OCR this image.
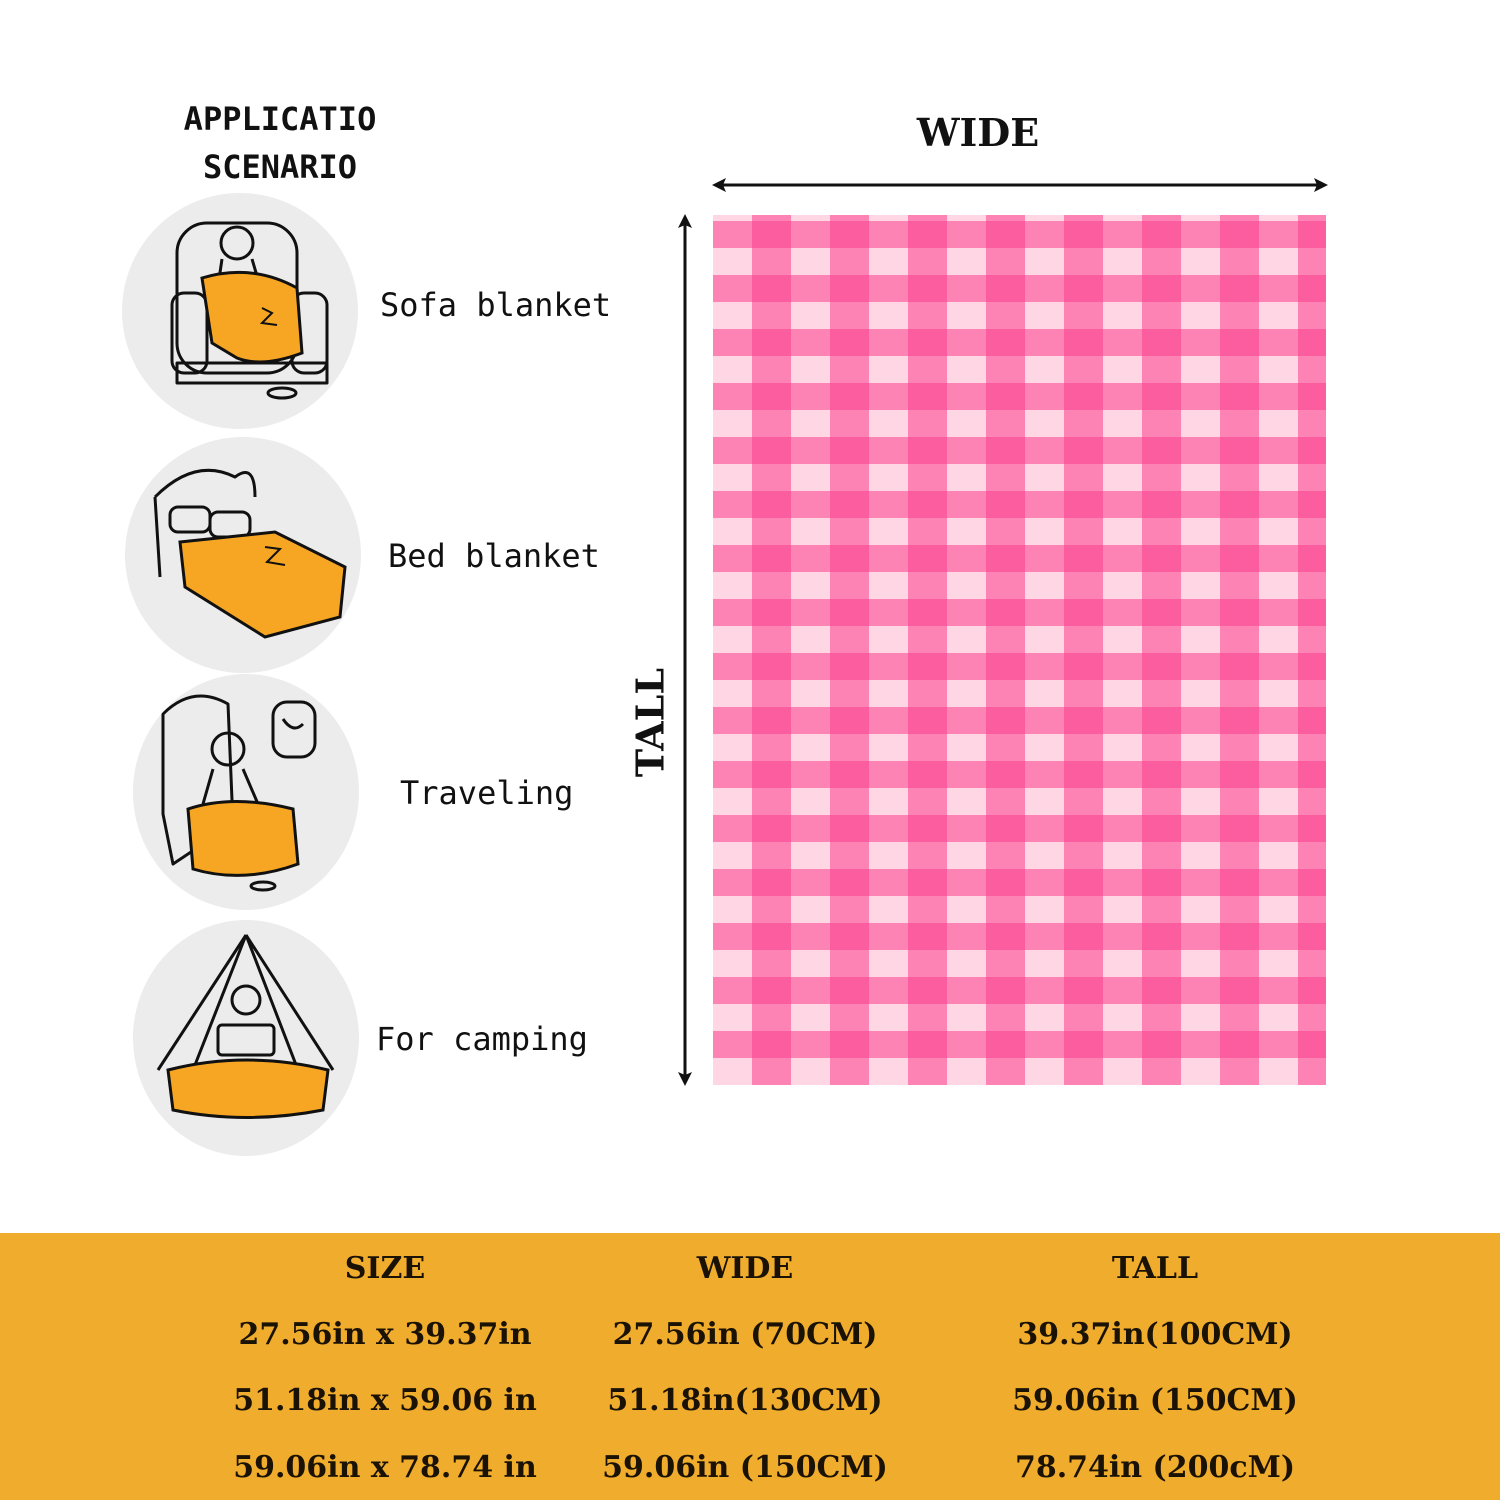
APPLICATIO
SCENARIO
Sofa blanket
Bed blanket
Traveling
For camping
WIDE
TALL
SIZE	WIDE	TALL
27.56in x 39.37in	27.56in (70CM)	39.37in(100CM)
51.18in x 59.06 in	51.18in(130CM)	59.06in (150CM)
59.06in x 78.74 in	59.06in (150CM)	78.74in (200cM)
